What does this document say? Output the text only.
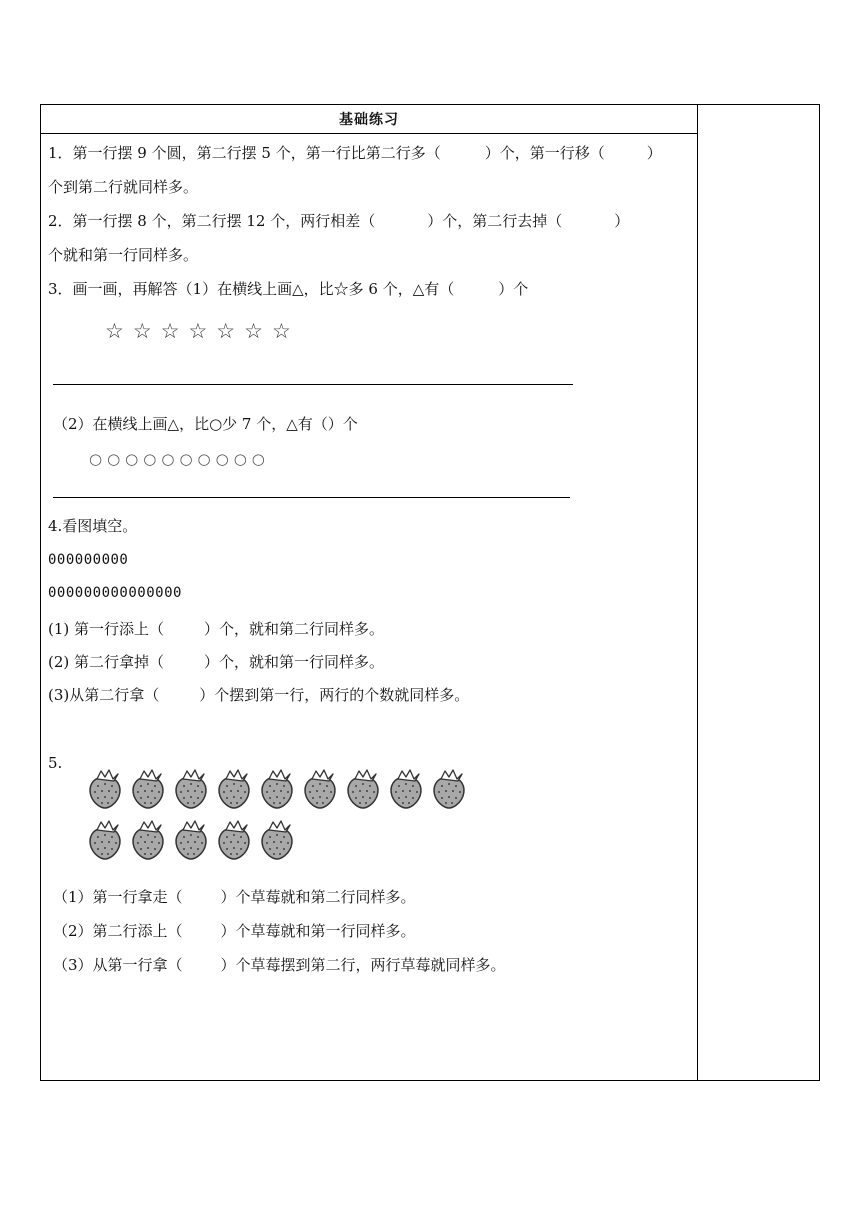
基础练习
1．第一行摆 9 个圆，第二行摆 5 个，第一行比第二行多（	）个，第一行移（	）
个到第二行就同样多。
2．第一行摆 8 个，第二行摆 12 个，两行相差（	）个，第二行去掉（	）
个就和第一行同样多。
3．画一画，再解答（1）在横线上画△，比☆多 6 个，△有（	）个
☆☆☆☆☆☆☆
（2）在横线上画△，比○少 7 个，△有（）个
○○○○○○○○○○
4.看图填空。
000000000
000000000000000
(1) 第一行添上（	）个，就和第二行同样多。
(2) 第二行拿掉（	）个，就和第一行同样多。
(3)从第二行拿（	）个摆到第一行，两行的个数就同样多。
5.
（1）第一行拿走（	）个草莓就和第二行同样多。
（2）第二行添上（	）个草莓就和第一行同样多。
（3）从第一行拿（	）个草莓摆到第二行，两行草莓就同样多。
